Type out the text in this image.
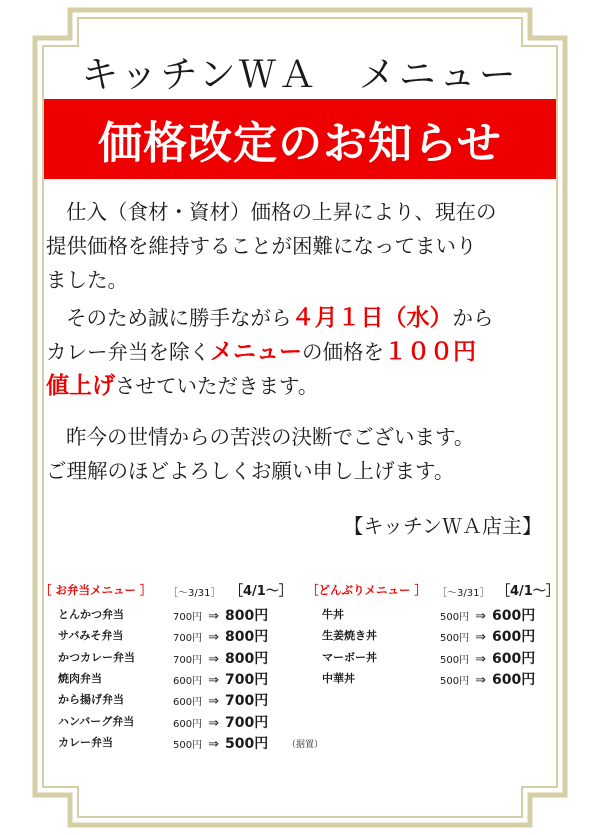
キッチンＷＡ　メニュー
価格改定のお知らせ
仕入（食材・資材）価格の上昇により、現在の
提供価格を維持することが困難になってまいり
ました。
そのため誠に勝手ながら４月１日（水）から
カレー弁当を除くメニューの価格を１００円
値上げさせていただきます。
昨今の世情からの苦渋の決断でございます。
ご理解のほどよろしくお願い申し上げます。
【キッチンＷＡ店主】
［ お弁当メニュー ］ ［～3/31］ ［4/1～］
とんかつ弁当	700円 ⇒ 800円
サバみそ弁当	700円 ⇒ 800円
かつカレー弁当	700円 ⇒ 800円
焼肉弁当	600円 ⇒ 700円
から揚げ弁当	600円 ⇒ 700円
ハンバーグ弁当	600円 ⇒ 700円
カレー弁当	500円 ⇒ 500円 （据置）
［どんぶりメニュー ］ ［～3/31］ ［4/1～］
牛丼	500円 ⇒ 600円
生姜焼き丼	500円 ⇒ 600円
マーボー丼	500円 ⇒ 600円
中華丼	500円 ⇒ 600円
